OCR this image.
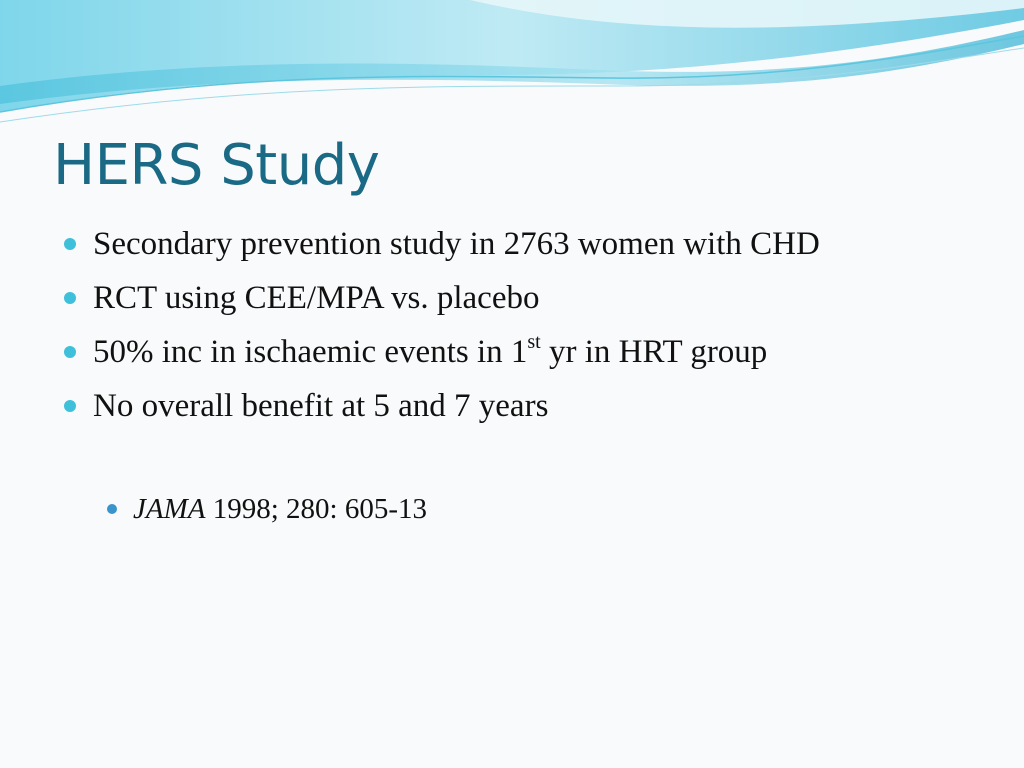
HERS Study
Secondary prevention study in 2763 women with CHD
RCT using CEE/MPA vs. placebo
50% inc in ischaemic events in 1st yr in HRT group
No overall benefit at 5 and 7 years
JAMA 1998; 280: 605-13
